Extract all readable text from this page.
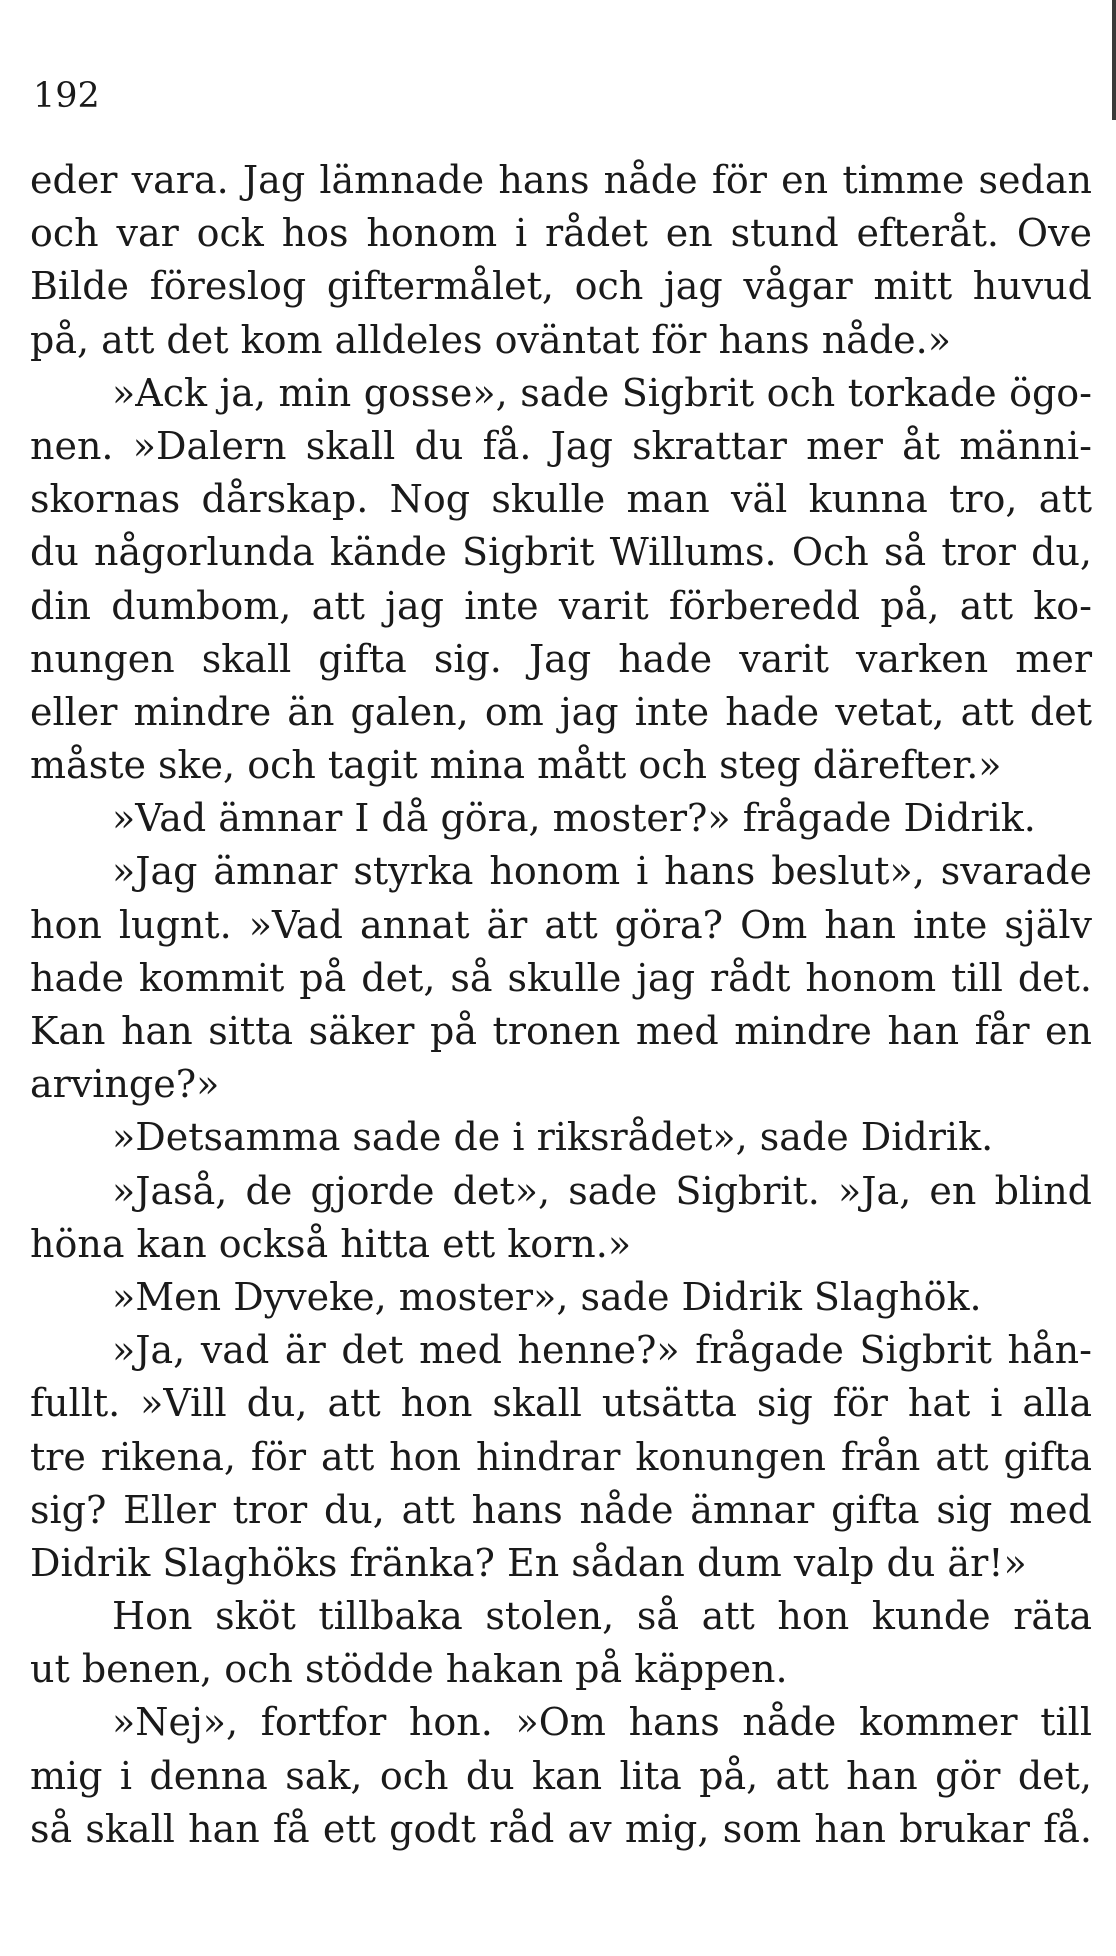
192
eder vara. Jag lämnade hans nåde för en timme sedan
och var ock hos honom i rådet en stund efteråt. Ove
Bilde föreslog giftermålet, och jag vågar mitt huvud
på, att det kom alldeles oväntat för hans nåde.»
»Ack ja, min gosse», sade Sigbrit och torkade ögo-
nen. »Dalern skall du få. Jag skrattar mer åt männi-
skornas dårskap. Nog skulle man väl kunna tro, att
du någorlunda kände Sigbrit Willums. Och så tror du,
din dumbom, att jag inte varit förberedd på, att ko-
nungen skall gifta sig. Jag hade varit varken mer
eller mindre än galen, om jag inte hade vetat, att det
måste ske, och tagit mina mått och steg därefter.»
»Vad ämnar I då göra, moster?» frågade Didrik.
»Jag ämnar styrka honom i hans beslut», svarade
hon lugnt. »Vad annat är att göra? Om han inte själv
hade kommit på det, så skulle jag rådt honom till det.
Kan han sitta säker på tronen med mindre han får en
arvinge?»
»Detsamma sade de i riksrådet», sade Didrik.
»Jaså, de gjorde det», sade Sigbrit. »Ja, en blind
höna kan också hitta ett korn.»
»Men Dyveke, moster», sade Didrik Slaghök.
»Ja, vad är det med henne?» frågade Sigbrit hån-
fullt. »Vill du, att hon skall utsätta sig för hat i alla
tre rikena, för att hon hindrar konungen från att gifta
sig? Eller tror du, att hans nåde ämnar gifta sig med
Didrik Slaghöks fränka? En sådan dum valp du är!»
Hon sköt tillbaka stolen, så att hon kunde räta
ut benen, och stödde hakan på käppen.
»Nej», fortfor hon. »Om hans nåde kommer till
mig i denna sak, och du kan lita på, att han gör det,
så skall han få ett godt råd av mig, som han brukar få.
